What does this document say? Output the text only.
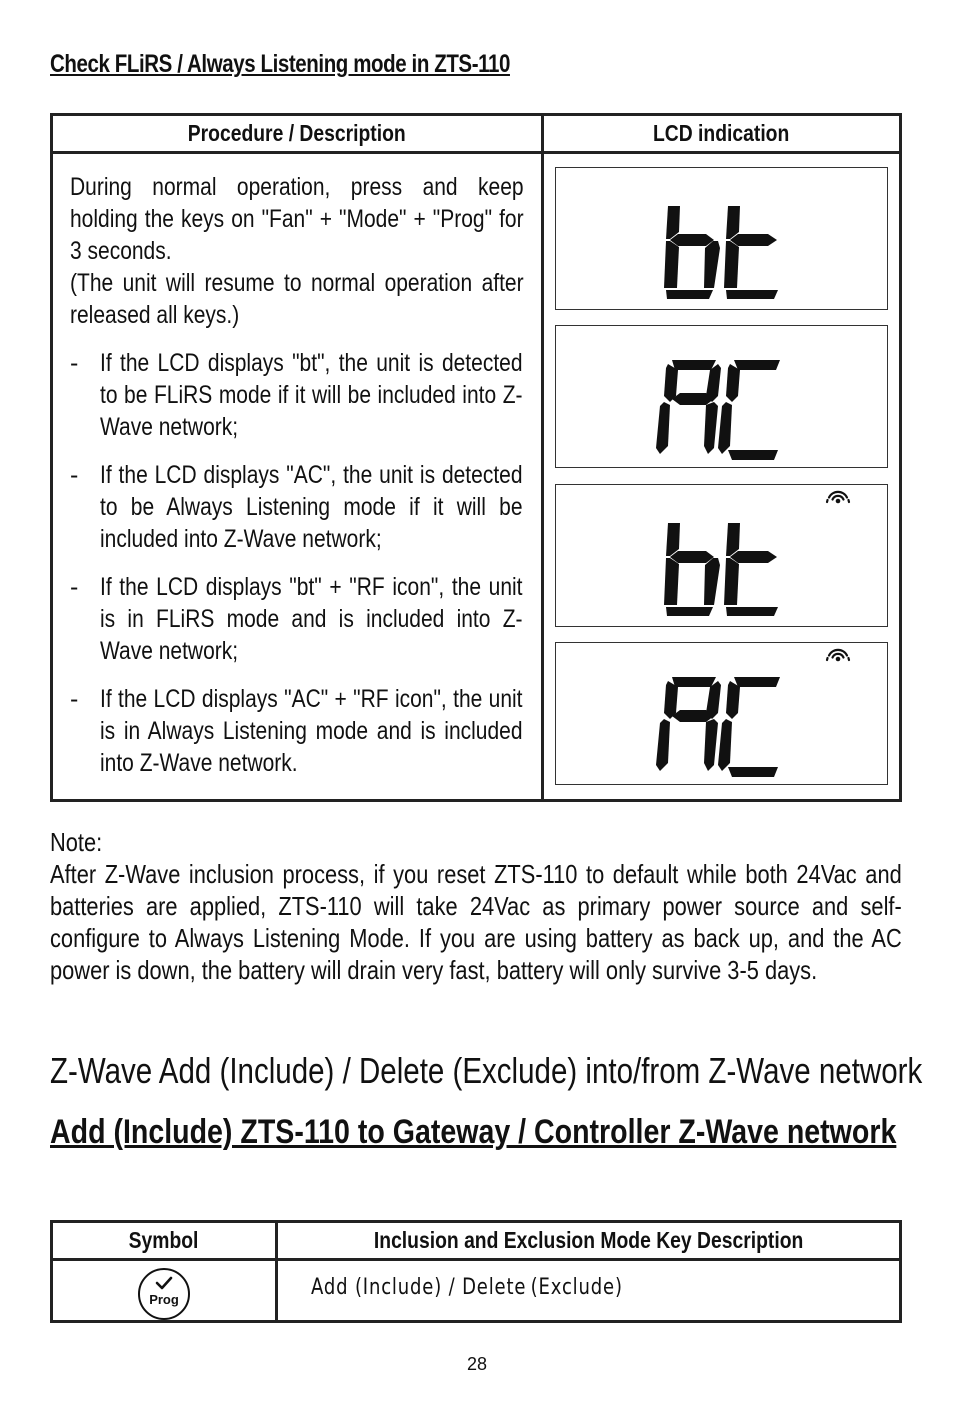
Check FLiRS / Always Listening mode in ZTS-110
Procedure / Description	LCD indication
During normal operation, press and keep holding the keys on "Fan" + "Mode" + "Prog" for 3 seconds.
(The unit will resume to normal operation after released all keys.)
- If the LCD displays "bt", the unit is detected to be FLiRS mode if it will be included into Z-Wave network;
- If the LCD displays "AC", the unit is detected to be Always Listening mode if it will be included into Z-Wave network;
- If the LCD displays "bt" + "RF icon", the unit is in FLiRS mode and is included into Z-Wave network;
- If the LCD displays "AC" + "RF icon", the unit is in Always Listening mode and is included into Z-Wave network.
Note:
After Z-Wave inclusion process, if you reset ZTS-110 to default while both 24Vac and batteries are applied, ZTS-110 will take 24Vac as primary power source and self-configure to Always Listening Mode. If you are using battery as back up, and the AC power is down, the battery will drain very fast, battery will only survive 3-5 days.
Z-Wave Add (Include) / Delete (Exclude) into/from Z-Wave network
Add (Include) ZTS-110 to Gateway / Controller Z-Wave network
Symbol	Inclusion and Exclusion Mode Key Description
Prog	Add (Include) / Delete (Exclude)
28
